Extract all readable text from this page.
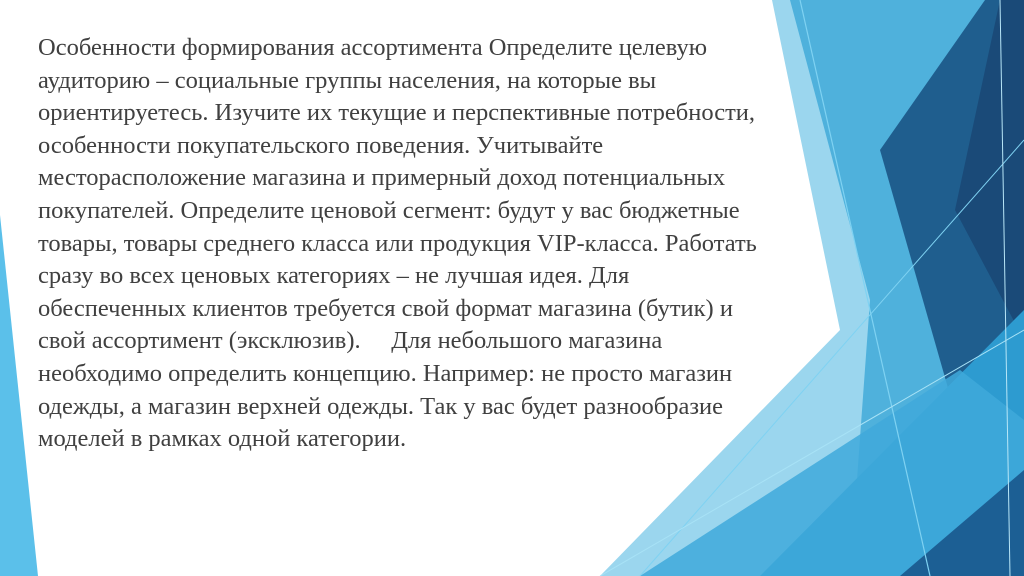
Особенности формирования ассортимента Определите целевую
аудиторию – социальные группы населения, на которые вы
ориентируетесь. Изучите их текущие и перспективные потребности,
особенности покупательского поведения. Учитывайте
месторасположение магазина и примерный доход потенциальных
покупателей. Определите ценовой сегмент: будут у вас бюджетные
товары, товары среднего класса или продукция VIP-класса. Работать
сразу во всех ценовых категориях – не лучшая идея. Для
обеспеченных клиентов требуется свой формат магазина (бутик) и
свой ассортимент (эксклюзив).     Для небольшого магазина
необходимо определить концепцию. Например: не просто магазин
одежды, а магазин верхней одежды. Так у вас будет разнообразие
моделей в рамках одной категории.
